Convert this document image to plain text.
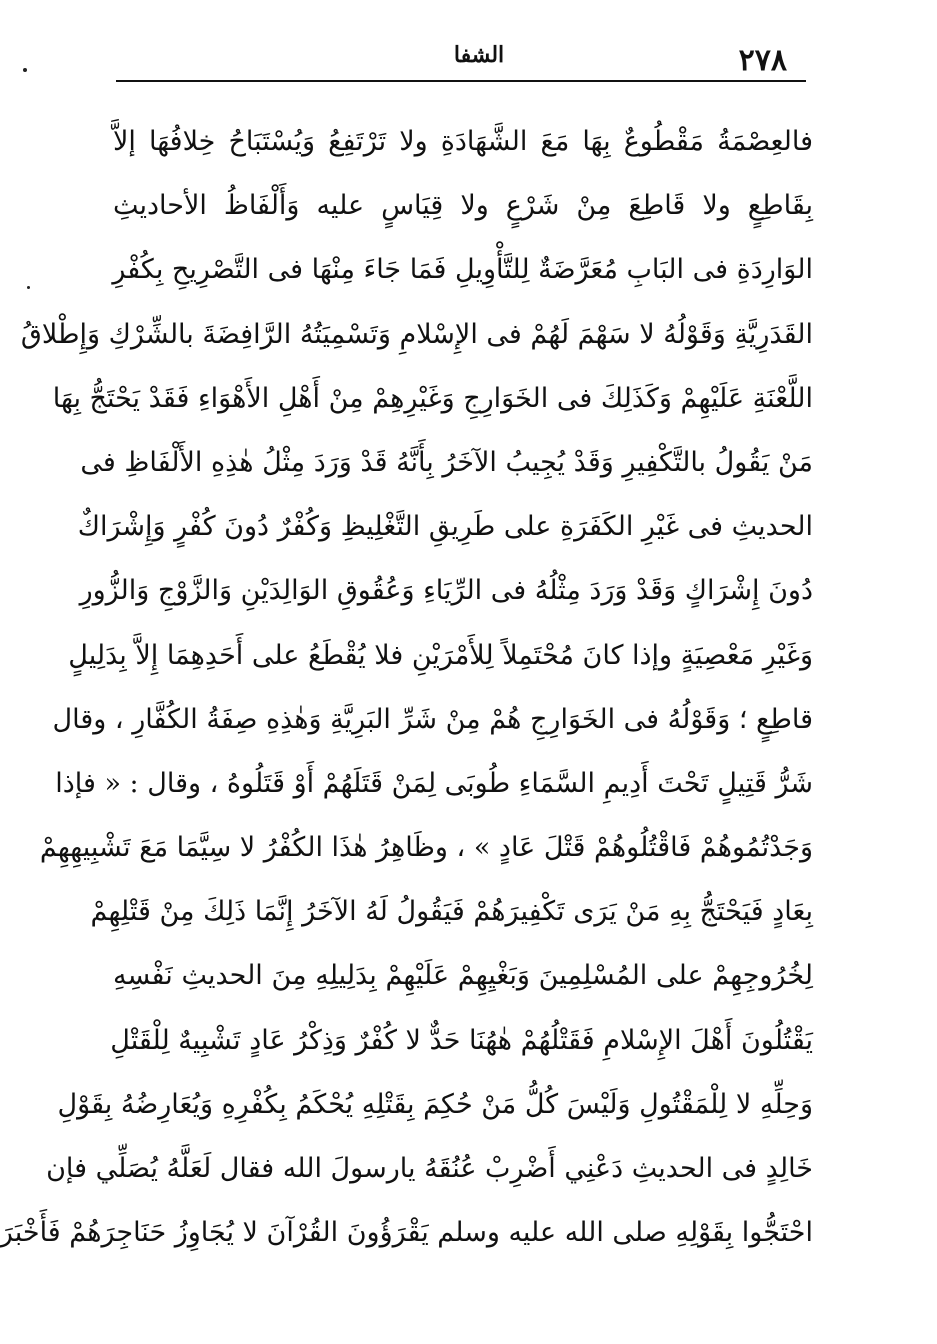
٢٧٨
الشفا
فالعِصْمَةُ مَقْطُوعٌ بِهَا مَعَ الشَّهَادَةِ ولا تَرْتَفِعُ وَيُسْتَبَاحُ خِلافُهَا إلاَّ
بِقَاطِعٍ ولا قَاطِعَ مِنْ شَرْعٍ ولا قِيَاسٍ عليه وَأَلْفَاظُ الأحاديثِ
الوَارِدَةِ فى البَابِ مُعَرَّضَةٌ لِلتَّأْوِيلِ فَمَا جَاءَ مِنْهَا فى التَّصْرِيحِ بِكُفْرِ
القَدَرِيَّةِ وَقَوْلُهُ لا سَهْمَ لَهُمْ فى الإِسْلامِ وَتَسْمِيَتُهُ الرَّافِضَةَ بالشِّرْكِ وَإِطْلاقُ
اللَّعْنَةِ عَلَيْهِمْ وَكَذَلِكَ فى الخَوَارِجِ وَغَيْرِهِمْ مِنْ أَهْلِ الأَهْوَاءِ فَقَدْ يَحْتَجُّ بِهَا
مَنْ يَقُولُ بالتَّكْفِيرِ وَقَدْ يُجِيبُ الآخَرُ بِأَنَّهُ قَدْ وَرَدَ مِثْلُ هٰذِهِ الأَلْفَاظِ فى
الحديثِ فى غَيْرِ الكَفَرَةِ على طَرِيقِ التَّغْلِيظِ وَكُفْرٌ دُونَ كُفْرٍ وَإِشْرَاكٌ
دُونَ إِشْرَاكٍ وَقَدْ وَرَدَ مِثْلُهُ فى الرِّيَاءِ وَعُقُوقِ الوَالِدَيْنِ وَالزَّوْجِ وَالزُّورِ
وَغَيْرِ مَعْصِيَةٍ وإذا كانَ مُحْتَمِلاً لِلأَمْرَيْنِ فلا يُقْطَعُ على أَحَدِهِمَا إِلاَّ بِدَلِيلٍ
قاطِعٍ ؛ وَقَوْلُهُ فى الخَوَارِجِ هُمْ مِنْ شَرِّ البَرِيَّةِ وَهٰذِهِ صِفَةُ الكُفَّارِ ، وقال
شَرُّ قَتِيلٍ تَحْتَ أَدِيمِ السَّمَاءِ طُوبَى لِمَنْ قَتَلَهُمْ أَوْ قَتَلُوهُ ، وقال : « فإذا
وَجَدْتُمُوهُمْ فَاقْتُلُوهُمْ قَتْلَ عَادٍ » ، وظَاهِرُ هٰذَا الكُفْرُ لا سِيَّمَا مَعَ تَشْبِيهِهِمْ
بِعَادٍ فَيَحْتَجُّ بِهِ مَنْ يَرَى تَكْفِيرَهُمْ فَيَقُولُ لَهُ الآخَرُ إِنَّمَا ذَلِكَ مِنْ قَتْلِهِمْ
لِخُرُوجِهِمْ على المُسْلِمِينَ وَبَغْيِهِمْ عَلَيْهِمْ بِدَلِيلِهِ مِنَ الحديثِ نَفْسِهِ
يَقْتُلُونَ أَهْلَ الإِسْلامِ فَقَتْلُهُمْ هٰهُنَا حَدٌّ لا كُفْرٌ وَذِكْرُ عَادٍ تَشْبِيهٌ لِلْقَتْلِ
وَحِلِّهِ لا لِلْمَقْتُولِ وَلَيْسَ كُلُّ مَنْ حُكِمَ بِقَتْلِهِ يُحْكَمُ بِكُفْرِهِ وَيُعَارِضُهُ بِقَوْلِ
خَالِدٍ فى الحديثِ دَعْنِي أَضْرِبْ عُنُقَهُ يارسولَ الله فقال لَعَلَّهُ يُصَلِّي فإن
احْتَجُّوا بِقَوْلِهِ صلى الله عليه وسلم يَقْرَؤُونَ القُرْآنَ لا يُجَاوِزُ حَنَاجِرَهُمْ فَأَخْبَرَ
